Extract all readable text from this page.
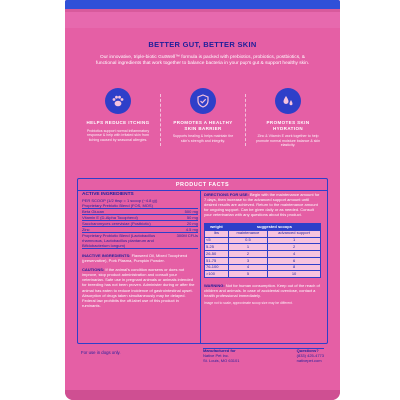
BETTER GUT, BETTER SKIN
Our innovative, triple-biotic GutWell™ formula is packed with prebiotics, probiotics, postbiotics, & functional ingredients that work together to balance bacteria in your pup's gut & support healthy skin.
HELPS REDUCE ITCHING
Probiotics support normal inflammatory response & help with irritated skin from itching caused by seasonal allergies.
PROMOTES A HEALTHY SKIN BARRIER
Supports healing & helps maintain the skin's strength and integrity.
PROMOTES SKIN HYDRATION
Zinc & Vitamin E work together to help promote normal moisture balance & skin elasticity.
PRODUCT FACTS
ACTIVE INGREDIENTS
PER SCOOP (1/2 tbsp = 1 scoop (~4.8 g))
Proprietary Prebiotic Blend (FOS, MOS)
Beta Glucan	500 mg
Vitamin E (D-Alpha Tocopherol)	50 mg
Saccharomyces cerevisiae (Postbiotic)	20 mg
Zinc	4.5 mg
Proprietary Probiotic Blend (Lactobacillus rhamnosus, Lactobacillus plantarum and Bifidobacterium longum)
300M CFUs
INACTIVE INGREDIENTS: Flaxseed Oil, Mixed Tocopherol (preservative), Pork Plasma, Pumpkin Powder.
CAUTIONS: If the animal's condition worsens or does not improve, stop product administration and consult your veterinarian. Safe use in pregnant animals or animals intended for breeding has not been proven. Administer during or after the animal has eaten to reduce incidence of gastrointestinal upset. Absorption of drugs taken simultaneously may be delayed. Federal law prohibits the off-label use of this product in ruminants.
DIRECTIONS FOR USE: Begin with the maintenance amount for 7 days, then increase to the advanced support amount until desired results are achieved. Return to the maintenance amount for ongoing support. Can be given daily or as needed. Consult your veterinarian with any questions about this product.
weight	suggested scoops	
lbs	maintenance	advanced support
<5	0.5	1
5-25	1	2
26-50	2	4
51-75	3	6
76-100	4	8
>100	5	10
WARNING: Not for human consumption. Keep out of the reach of children and animals. In case of accidental overdose, contact a health professional immediately.
Image not to scale, approximate scoop size may be different.
For use in dogs only.	Manufactured for
Native Pet Inc.
St. Louis, MO 63101
Questions?
(833) 425-4773
nativepet.com
